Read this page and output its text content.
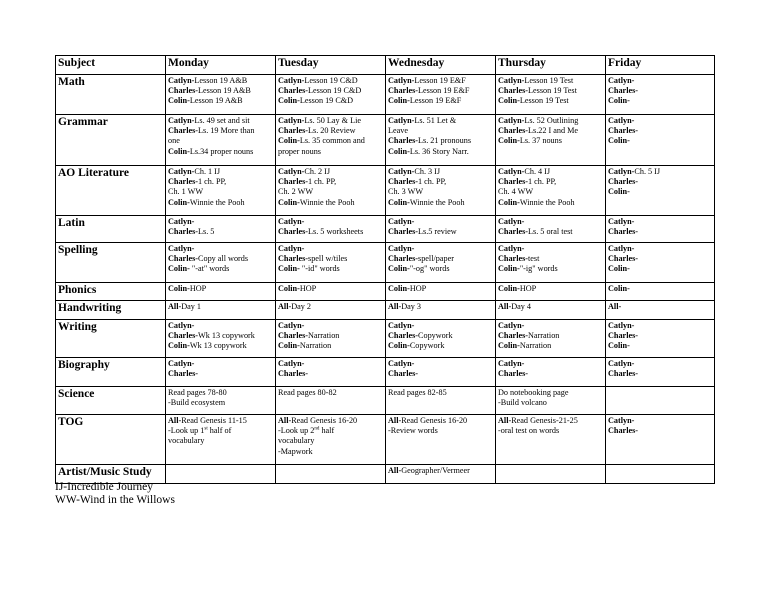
Subject	Monday	Tuesday	Wednesday	Thursday	Friday
Math	Catlyn-Lesson 19 A&B
Charles-Lesson 19 A&B
Colin-Lesson 19 A&B	Catlyn-Lesson 19 C&D
Charles-Lesson 19 C&D
Colin-Lesson 19 C&D	Catlyn-Lesson 19 E&F
Charles-Lesson 19 E&F
Colin-Lesson 19 E&F	Catlyn-Lesson 19 Test
Charles-Lesson 19 Test
Colin-Lesson 19 Test	Catlyn-
Charles-
Colin-

Grammar	Catlyn-Ls. 49 set and sit
Charles-Ls. 19 More than
one
Colin-Ls.34 proper nouns	Catlyn-Ls. 50 Lay & Lie
Charles-Ls. 20 Review
Colin-Ls. 35 common and
proper nouns	Catlyn-Ls. 51 Let &
Leave
Charles-Ls. 21 pronouns
Colin-Ls. 36 Story Narr.	Catlyn-Ls. 52 Outlining
Charles-Ls.22 I and Me
Colin-Ls. 37 nouns	Catlyn-
Charles-
Colin-

AO Literature	Catlyn-Ch. 1 IJ
Charles-1 ch. PP,
Ch. 1 WW
Colin-Winnie the Pooh	Catlyn-Ch. 2 IJ
Charles-1 ch. PP,
Ch. 2 WW
Colin-Winnie the Pooh	Catlyn-Ch. 3 IJ
Charles-1 ch. PP,
Ch. 3 WW
Colin-Winnie the Pooh	Catlyn-Ch. 4 IJ
Charles-1 ch. PP,
Ch. 4 WW
Colin-Winnie the Pooh	Catlyn-Ch. 5 IJ
Charles-
Colin-

Latin	Catlyn-
Charles-Ls. 5	Catlyn-
Charles-Ls. 5 worksheets	Catlyn-
Charles-Ls.5 review	Catlyn-
Charles-Ls. 5 oral test	Catlyn-
Charles-

Spelling	Catlyn-
Charles-Copy all words
Colin- "-at" words	Catlyn-
Charles-spell w/tiles
Colin- "-id" words	Catlyn-
Charles-spell/paper
Colin-"-og" words	Catlyn-
Charles-test
Colin-"-ig" words	Catlyn-
Charles-
Colin-

Phonics	Colin-HOP	Colin-HOP	Colin-HOP	Colin-HOP	Colin-

Handwriting	All-Day 1	All-Day 2	All-Day 3	All-Day 4	All-

Writing	Catlyn-
Charles-Wk 13 copywork
Colin-Wk 13 copywork	Catlyn-
Charles-Narration
Colin-Narration	Catlyn-
Charles-Copywork
Colin-Copywork	Catlyn-
Charles-Narration
Colin-Narration	Catlyn-
Charles-
Colin-

Biography	Catlyn-
Charles-	Catlyn-
Charles-	Catlyn-
Charles-	Catlyn-
Charles-	Catlyn-
Charles-

Science	Read pages 78-80
-Build ecosystem	Read pages 80-82	Read pages 82-85	Do notebooking page
-Build volcano	

TOG	All-Read Genesis 11-15
-Look up 1st half of
vocabulary	All-Read Genesis 16-20
-Look up 2nd half
vocabulary
-Mapwork	All-Read Genesis 16-20
-Review words	All-Read Genesis-21-25
-oral test on words	Catlyn-
Charles-

Artist/Music Study			All-Geographer/Vermeer		

IJ-Incredible Journey
WW-Wind in the Willows
